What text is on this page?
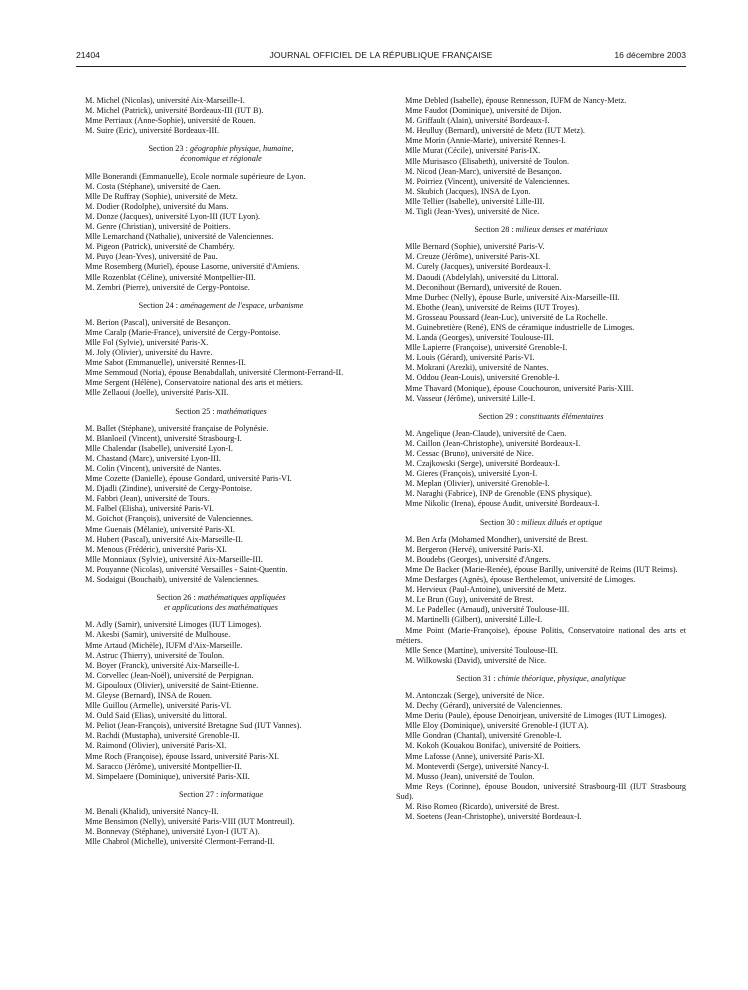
21404	JOURNAL OFFICIEL DE LA RÉPUBLIQUE FRANÇAISE	16 décembre 2003

M. Michel (Nicolas), université Aix-Marseille-I.

M. Michel (Patrick), université Bordeaux-III (IUT B).

Mme Perriaux (Anne-Sophie), université de Rouen.

M. Suire (Eric), université Bordeaux-III.

Section 23 : géographie physique, humaine,
économique et régionale

Mlle Bonerandi (Emmanuelle), Ecole normale supérieure de Lyon.

M. Costa (Stéphane), université de Caen.

Mlle De Ruffray (Sophie), université de Metz.

M. Dodier (Rodolphe), université du Mans.

M. Donze (Jacques), université Lyon-III (IUT Lyon).

M. Genre (Christian), université de Poitiers.

Mlle Lemarchand (Nathalie), université de Valenciennes.

M. Pigeon (Patrick), université de Chambéry.

M. Puyo (Jean-Yves), université de Pau.

Mme Rosemberg (Muriel), épouse Lasorne, université d'Amiens.

Mlle Rozenblat (Céline), université Montpellier-III.

M. Zembri (Pierre), université de Cergy-Pontoise.

Section 24 : aménagement de l'espace, urbanisme

M. Berion (Pascal), université de Besançon.

Mme Caralp (Marie-France), université de Cergy-Pontoise.

Mlle Fol (Sylvie), université Paris-X.

M. Joly (Olivier), université du Havre.

Mme Sabot (Emmanuelle), université Rennes-II.

Mme Semmoud (Noria), épouse Benabdallah, université Clermont-Ferrand-II.

Mme Sergent (Hélène), Conservatoire national des arts et métiers.

Mlle Zellaoui (Joelle), université Paris-XII.

Section 25 : mathématiques

M. Ballet (Stéphane), université française de Polynésie.

M. Blanloeil (Vincent), université Strasbourg-I.

Mlle Chalendar (Isabelle), université Lyon-I.

M. Chastand (Marc), université Lyon-III.

M. Colin (Vincent), université de Nantes.

Mme Cozette (Danielle), épouse Gondard, université Paris-VI.

M. Djadli (Zindine), université de Cergy-Pontoise.

M. Fabbri (Jean), université de Tours.

M. Falbel (Elisha), université Paris-VI.

M. Goichot (François), université de Valenciennes.

Mme Guenais (Mélanie), université Paris-XI.

M. Hubert (Pascal), université Aix-Marseille-II.

M. Menous (Frédéric), université Paris-XI.

Mlle Monniaux (Sylvie), université Aix-Marseille-III.

M. Pouyanne (Nicolas), université Versailles - Saint-Quentin.

M. Sodaigui (Bouchaib), université de Valenciennes.

Section 26 : mathématiques appliquées
et applications des mathématiques

M. Adly (Samir), université Limoges (IUT Limoges).

M. Akesbi (Samir), université de Mulhouse.

Mme Artaud (Michèle), IUFM d'Aix-Marseille.

M. Astruc (Thierry), université de Toulon.

M. Boyer (Franck), université Aix-Marseille-I.

M. Corvellec (Jean-Noël), université de Perpignan.

M. Gipouloux (Olivier), université de Saint-Etienne.

M. Gleyse (Bernard), INSA de Rouen.

Mlle Guillou (Armelle), université Paris-VI.

M. Ould Said (Elias), université du littoral.

M. Peliot (Jean-François), université Bretagne Sud (IUT Vannes).

M. Rachdi (Mustapha), université Grenoble-II.

M. Raimond (Olivier), université Paris-XI.

Mme Roch (Françoise), épouse Issard, université Paris-XI.

M. Saracco (Jérôme), université Montpellier-II.

M. Simpelaere (Dominique), université Paris-XII.

Section 27 : informatique

M. Benali (Khalid), université Nancy-II.

Mme Bensimon (Nelly), université Paris-VIII (IUT Montreuil).

M. Bonnevay (Stéphane), université Lyon-I (IUT A).

Mlle Chabrol (Michelle), université Clermont-Ferrand-II.

Mme Debled (Isabelle), épouse Rennesson, IUFM de Nancy-Metz.

Mme Faudot (Dominique), université de Dijon.

M. Griffault (Alain), université Bordeaux-I.

M. Heulluy (Bernard), université de Metz (IUT Metz).

Mme Morin (Annie-Marie), université Rennes-I.

Mlle Murat (Cécile), université Paris-IX.

Mlle Murisasco (Elisabeth), université de Toulon.

M. Nicod (Jean-Marc), université de Besançon.

M. Poirriez (Vincent), université de Valenciennes.

M. Skubich (Jacques), INSA de Lyon.

Mlle Tellier (Isabelle), université Lille-III.

M. Tigli (Jean-Yves), université de Nice.

Section 28 : milieux denses et matériaux

Mlle Bernard (Sophie), université Paris-V.

M. Creuze (Jérôme), université Paris-XI.

M. Curely (Jacques), université Bordeaux-I.

M. Daoudi (Abdelylah), université du Littoral.

M. Deconihout (Bernard), université de Rouen.

Mme Durbec (Nelly), épouse Burle, université Aix-Marseille-III.

M. Ebothe (Jean), université de Reims (IUT Troyes).

M. Grosseau Poussard (Jean-Luc), université de La Rochelle.

M. Guinebretière (René), ENS de céramique industrielle de Limoges.

M. Landa (Georges), université Toulouse-III.

Mlle Lapierre (Françoise), université Grenoble-I.

M. Louis (Gérard), université Paris-VI.

M. Mokrani (Arezki), université de Nantes.

M. Oddou (Jean-Louis), université Grenoble-I.

Mme Thavard (Monique), épouse Couchouron, université Paris-XIII.

M. Vasseur (Jérôme), université Lille-I.

Section 29 : constituants élémentaires

M. Angelique (Jean-Claude), université de Caen.

M. Caillon (Jean-Christophe), université Bordeaux-I.

M. Cessac (Bruno), université de Nice.

M. Czajkowski (Serge), université Bordeaux-I.

M. Gieres (François), université Lyon-I.

M. Meplan (Olivier), université Grenoble-I.

M. Naraghi (Fabrice), INP de Grenoble (ENS physique).

Mme Nikolic (Irena), épouse Audit, université Bordeaux-I.

Section 30 : milieux dilués et optique

M. Ben Arfa (Mohamed Mondher), université de Brest.

M. Bergeron (Hervé), université Paris-XI.

M. Boudebs (Georges), université d'Angers.

Mme De Backer (Marie-Renée), épouse Barilly, université de Reims (IUT Reims).

Mme Desfarges (Agnès), épouse Berthelemot, université de Limoges.

M. Hervieux (Paul-Antoine), université de Metz.

M. Le Brun (Guy), université de Brest.

M. Le Padellec (Arnaud), université Toulouse-III.

M. Martinelli (Gilbert), université Lille-I.

Mme Point (Marie-Françoise), épouse Politis, Conservatoire national des arts et métiers.

Mlle Sence (Martine), université Toulouse-III.

M. Wilkowski (David), université de Nice.

Section 31 : chimie théorique, physique, analytique

M. Antonczak (Serge), université de Nice.

M. Dechy (Gérard), université de Valenciennes.

Mme Deriu (Paule), épouse Denoirjean, université de Limoges (IUT Limoges).

Mlle Eloy (Dominique), université Grenoble-I (IUT A).

Mlle Gondran (Chantal), université Grenoble-I.

M. Kokoh (Kouakou Bonifac), université de Poitiers.

Mme Lafosse (Anne), université Paris-XI.

M. Monteverdi (Serge), université Nancy-I.

M. Musso (Jean), université de Toulon.

Mme Reys (Corinne), épouse Boudon, université Strasbourg-III (IUT Strasbourg Sud).

M. Riso Romeo (Ricardo), université de Brest.

M. Soetens (Jean-Christophe), université Bordeaux-I.
